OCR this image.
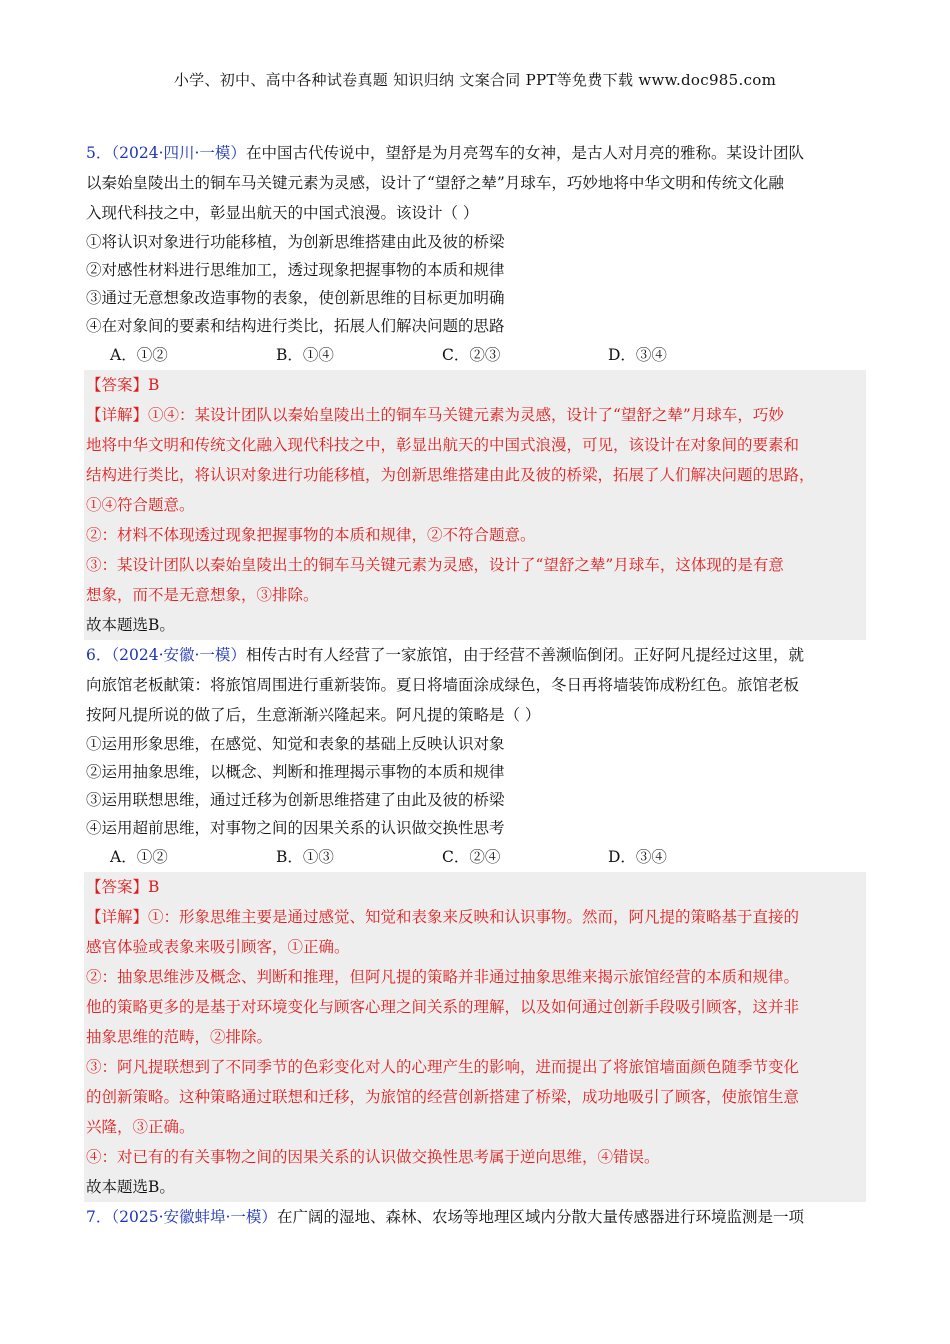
小学、初中、高中各种试卷真题 知识归纳 文案合同 PPT等免费下载 www.doc985.com
5．（2024·四川·一模）在中国古代传说中，望舒是为月亮驾车的女神，是古人对月亮的雅称。某设计团队
以秦始皇陵出土的铜车马关键元素为灵感，设计了“望舒之辇”月球车，巧妙地将中华文明和传统文化融
入现代科技之中，彰显出航天的中国式浪漫。该设计（ ）
①将认识对象进行功能移植，为创新思维搭建由此及彼的桥梁
②对感性材料进行思维加工，透过现象把握事物的本质和规律
③通过无意想象改造事物的表象，使创新思维的目标更加明确
④在对象间的要素和结构进行类比，拓展人们解决问题的思路
A．①②	B．①④	C．②③	D．③④
【答案】B
【详解】①④：某设计团队以秦始皇陵出土的铜车马关键元素为灵感，设计了“望舒之辇”月球车，巧妙
地将中华文明和传统文化融入现代科技之中，彰显出航天的中国式浪漫，可见，该设计在对象间的要素和
结构进行类比，将认识对象进行功能移植，为创新思维搭建由此及彼的桥梁，拓展了人们解决问题的思路，
①④符合题意。
②：材料不体现透过现象把握事物的本质和规律，②不符合题意。
③：某设计团队以秦始皇陵出土的铜车马关键元素为灵感，设计了“望舒之辇”月球车，这体现的是有意
想象，而不是无意想象，③排除。
故本题选B。
6．（2024·安徽·一模）相传古时有人经营了一家旅馆，由于经营不善濒临倒闭。正好阿凡提经过这里，就
向旅馆老板献策：将旅馆周围进行重新装饰。夏日将墙面涂成绿色，冬日再将墙装饰成粉红色。旅馆老板
按阿凡提所说的做了后，生意渐渐兴隆起来。阿凡提的策略是（ ）
①运用形象思维，在感觉、知觉和表象的基础上反映认识对象
②运用抽象思维，以概念、判断和推理揭示事物的本质和规律
③运用联想思维，通过迁移为创新思维搭建了由此及彼的桥梁
④运用超前思维，对事物之间的因果关系的认识做交换性思考
A．①②	B．①③	C．②④	D．③④
【答案】B
【详解】①：形象思维主要是通过感觉、知觉和表象来反映和认识事物。然而，阿凡提的策略基于直接的
感官体验或表象来吸引顾客，①正确。
②：抽象思维涉及概念、判断和推理，但阿凡提的策略并非通过抽象思维来揭示旅馆经营的本质和规律。
他的策略更多的是基于对环境变化与顾客心理之间关系的理解，以及如何通过创新手段吸引顾客，这并非
抽象思维的范畴，②排除。
③：阿凡提联想到了不同季节的色彩变化对人的心理产生的影响，进而提出了将旅馆墙面颜色随季节变化
的创新策略。这种策略通过联想和迁移，为旅馆的经营创新搭建了桥梁，成功地吸引了顾客，使旅馆生意
兴隆，③正确。
④：对已有的有关事物之间的因果关系的认识做交换性思考属于逆向思维，④错误。
故本题选B。
7．（2025·安徽蚌埠·一模）在广阔的湿地、森林、农场等地理区域内分散大量传感器进行环境监测是一项
